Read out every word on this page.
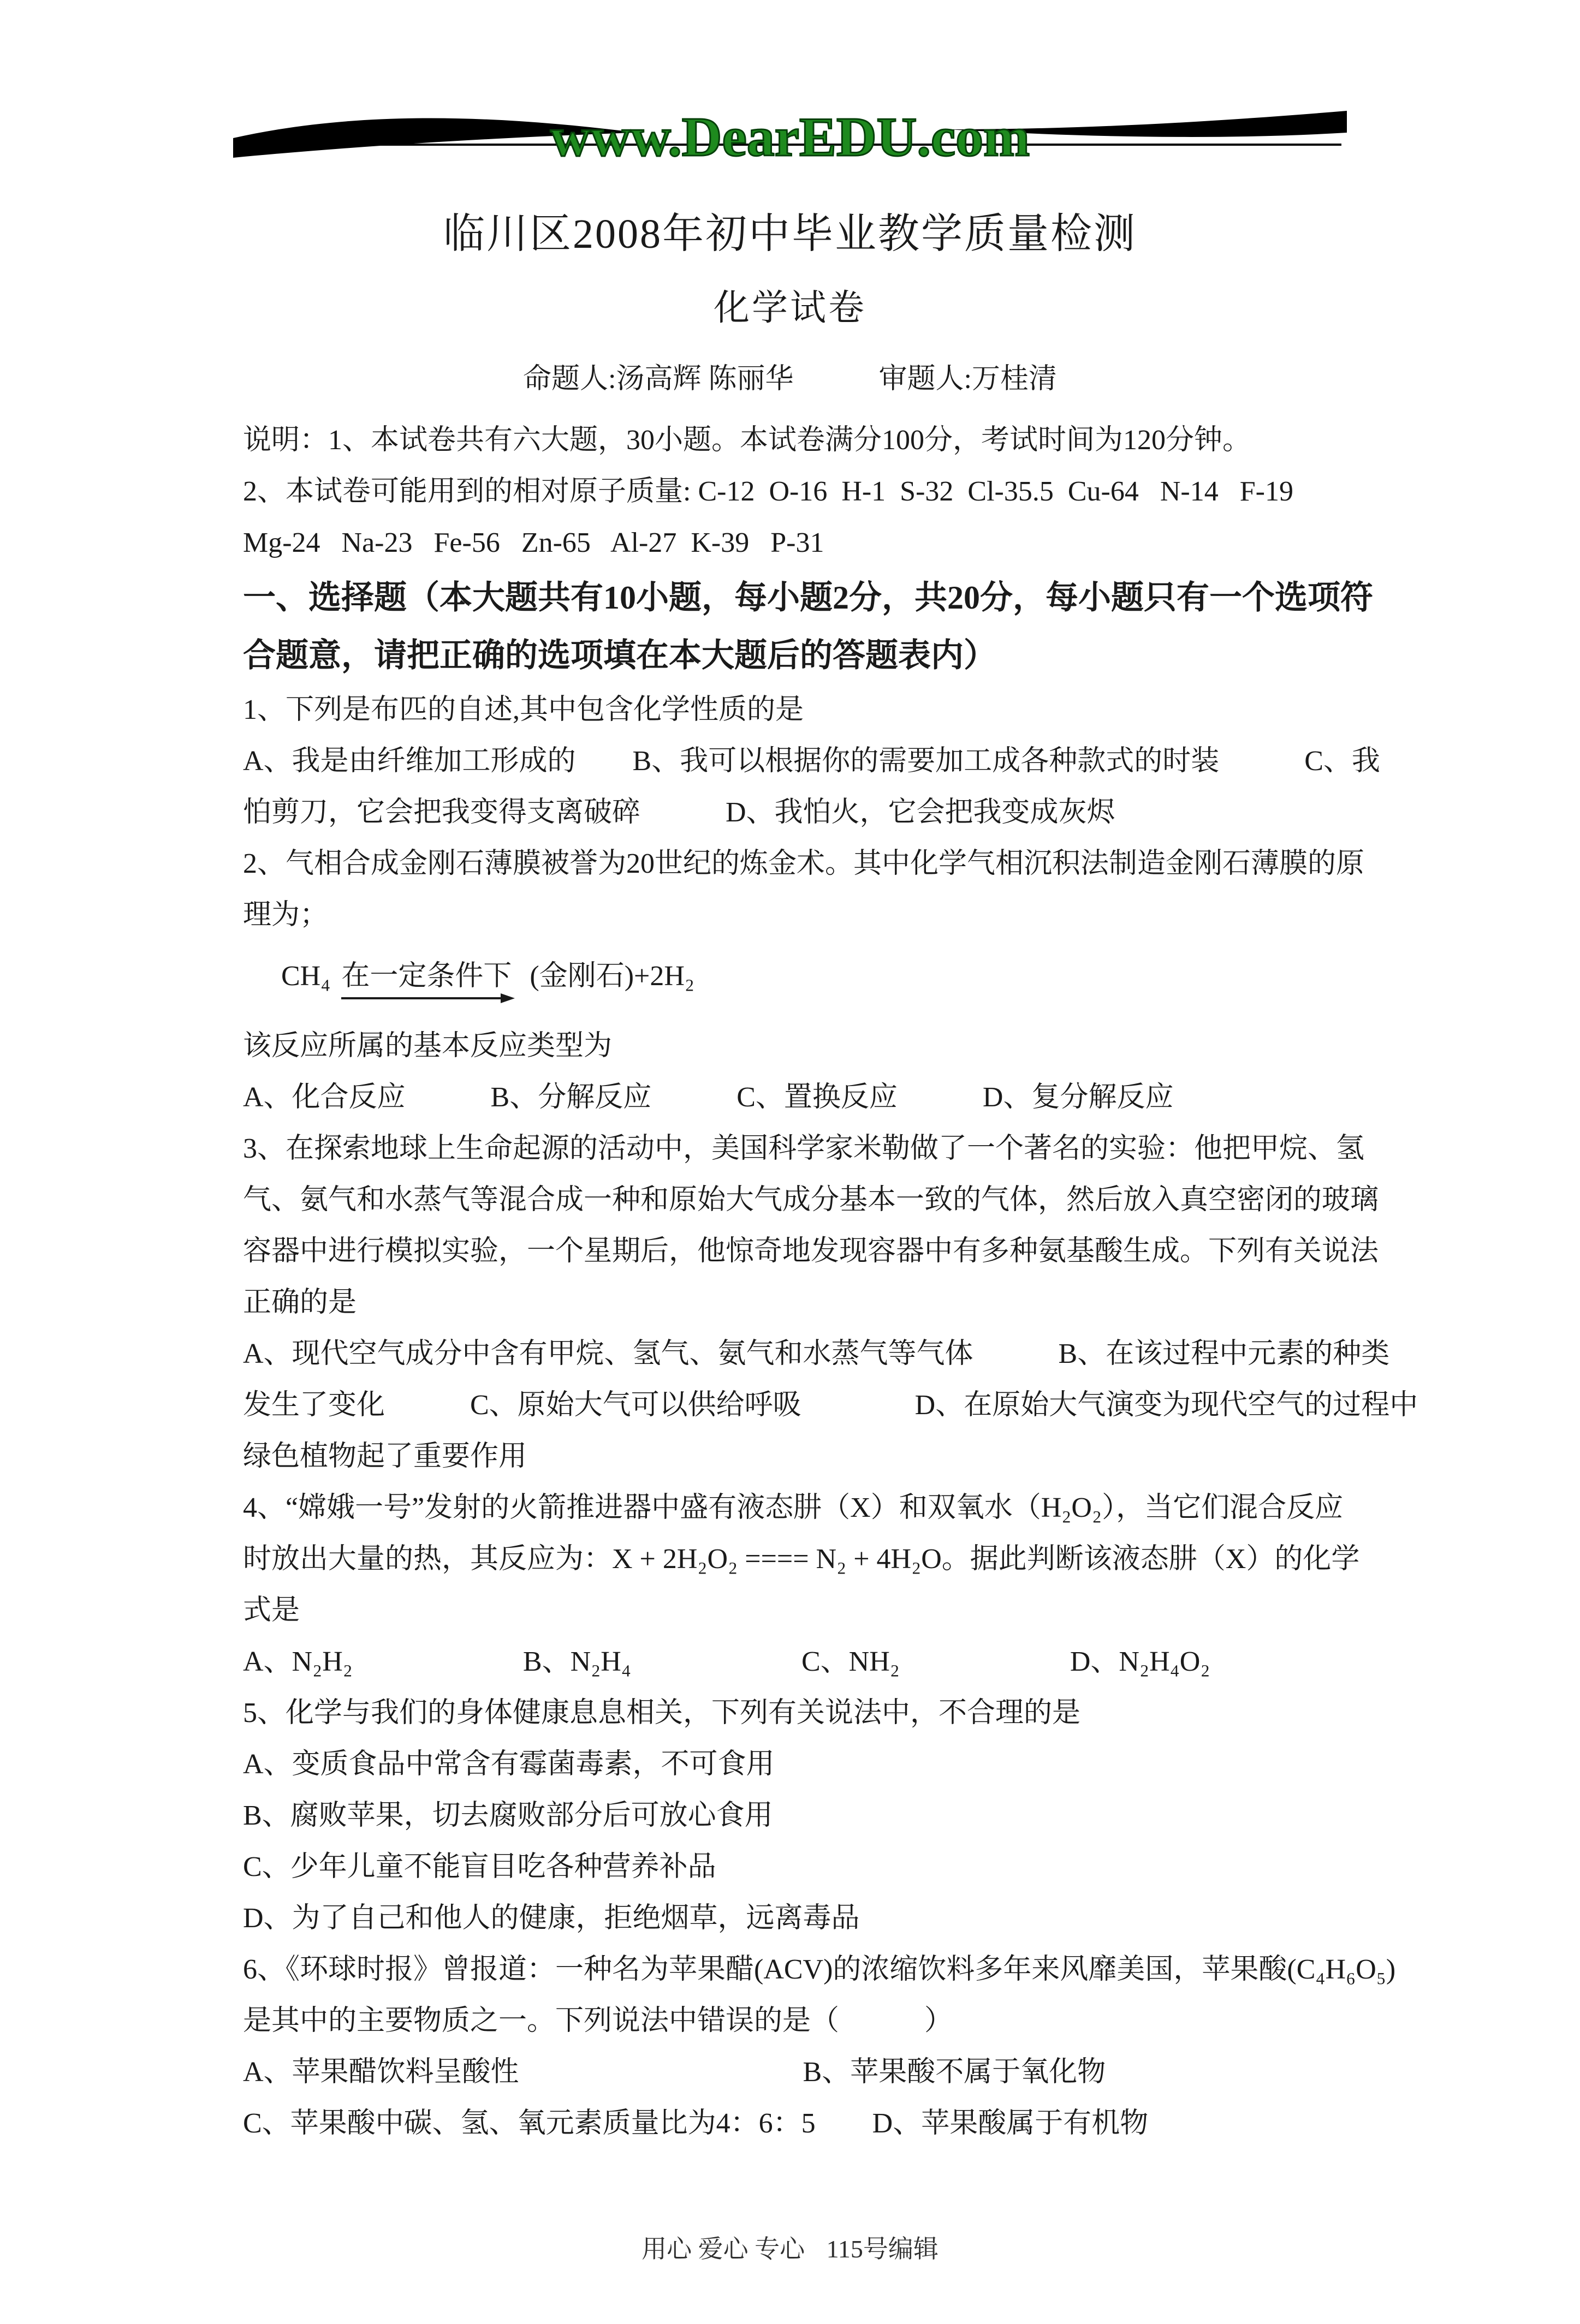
www.DearEDU.com
临川区2008年初中毕业教学质量检测
化学试卷
命题人:汤高辉 陈丽华　　　审题人:万桂清
说明：1、本试卷共有六大题，30小题。本试卷满分100分，考试时间为120分钟。
2、本试卷可能用到的相对原子质量: C-12  O-16  H-1  S-32  Cl-35.5  Cu-64   N-14   F-19
Mg-24   Na-23   Fe-56   Zn-65   Al-27  K-39   P-31
一、选择题（本大题共有10小题，每小题2分，共20分，每小题只有一个选项符
合题意，请把正确的选项填在本大题后的答题表内）
1、下列是布匹的自述,其中包含化学性质的是
A、我是由纤维加工形成的　　B、我可以根据你的需要加工成各种款式的时装　　　C、我
怕剪刀，它会把我变得支离破碎　　　D、我怕火，它会把我变成灰烬
2、气相合成金刚石薄膜被誉为20世纪的炼金术。其中化学气相沉积法制造金刚石薄膜的原
理为；
CH₄ 在一定条件下 (金刚石)+2H₂
该反应所属的基本反应类型为
A、化合反应　　　B、分解反应　　　C、置换反应　　　D、复分解反应
3、在探索地球上生命起源的活动中，美国科学家米勒做了一个著名的实验：他把甲烷、氢
气、氨气和水蒸气等混合成一种和原始大气成分基本一致的气体，然后放入真空密闭的玻璃
容器中进行模拟实验，一个星期后，他惊奇地发现容器中有多种氨基酸生成。下列有关说法
正确的是
A、现代空气成分中含有甲烷、氢气、氨气和水蒸气等气体　　　B、在该过程中元素的种类
发生了变化　　　C、原始大气可以供给呼吸　　　　D、在原始大气演变为现代空气的过程中
绿色植物起了重要作用
4、“嫦娥一号”发射的火箭推进器中盛有液态肼（X）和双氧水（H₂O₂），当它们混合反应
时放出大量的热，其反应为：X + 2H₂O₂ ==== N₂ + 4H₂O。据此判断该液态肼（X）的化学
式是
A、N₂H₂　　　　　　B、N₂H₄　　　　　　C、NH₂　　　　　　D、N₂H₄O₂
5、化学与我们的身体健康息息相关，下列有关说法中，不合理的是
A、变质食品中常含有霉菌毒素，不可食用
B、腐败苹果，切去腐败部分后可放心食用
C、少年儿童不能盲目吃各种营养补品
D、为了自己和他人的健康，拒绝烟草，远离毒品
6、《环球时报》曾报道：一种名为苹果醋(ACV)的浓缩饮料多年来风靡美国，苹果酸(C₄H₆O₅)
是其中的主要物质之一。下列说法中错误的是（　　　）
A、苹果醋饮料呈酸性　　　　　　　　　　B、苹果酸不属于氧化物
C、苹果酸中碳、氢、氧元素质量比为4：6：5　　D、苹果酸属于有机物
用心 爱心 专心 115号编辑
